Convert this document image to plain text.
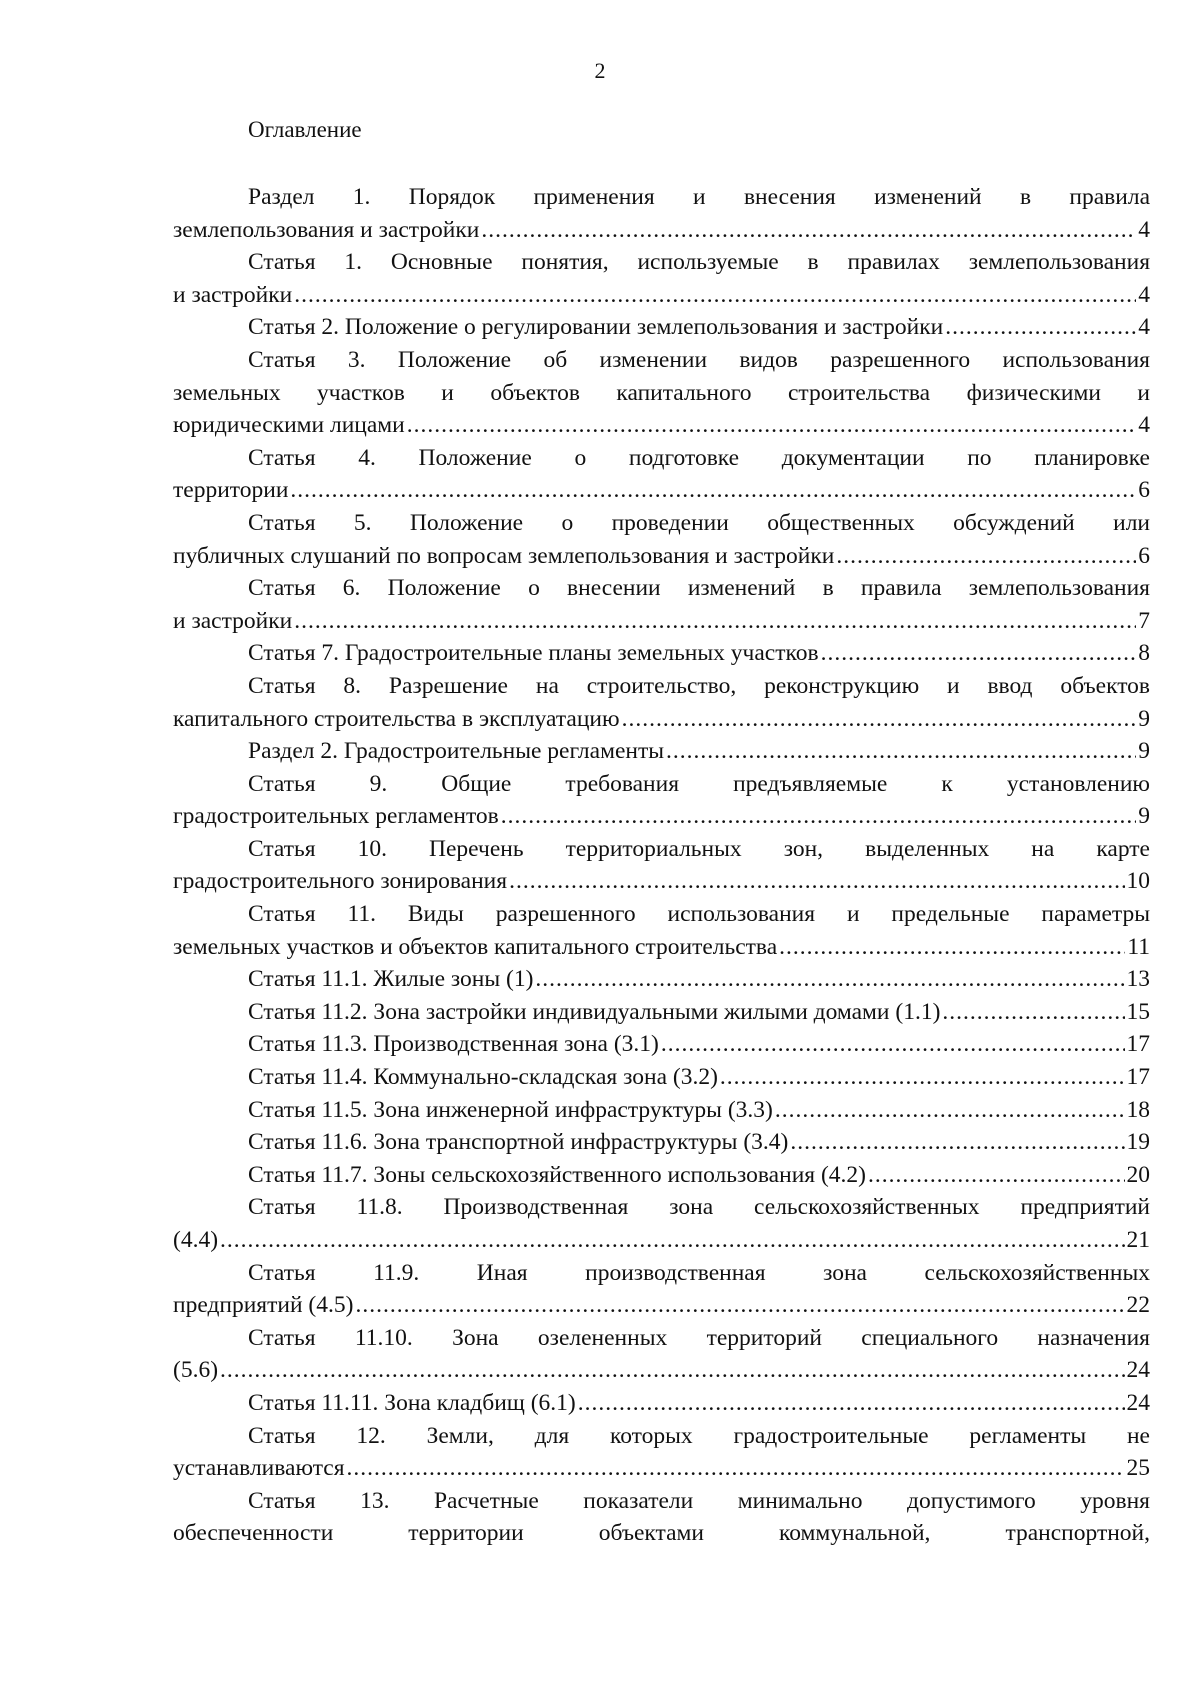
2
Оглавление
Раздел 1. Порядок применения и внесения изменений в правила
землепользования и застройки .....	4
Статья 1. Основные понятия, используемые в правилах землепользования
и застройки .....	4
Статья 2. Положение о регулировании землепользования и застройки .....	4
Статья 3. Положение об изменении видов разрешенного использования
земельных участков и объектов капитального строительства физическими и
юридическими лицами .....	4
Статья 4. Положение о подготовке документации по планировке
территории .....	6
Статья 5. Положение о проведении общественных обсуждений или
публичных слушаний по вопросам землепользования и застройки .....	6
Статья 6. Положение о внесении изменений в правила землепользования
и застройки .....	7
Статья 7. Градостроительные планы земельных участков .....	8
Статья 8. Разрешение на строительство, реконструкцию и ввод объектов
капитального строительства в эксплуатацию .....	9
Раздел 2. Градостроительные регламенты .....	9
Статья 9. Общие требования предъявляемые к установлению
градостроительных регламентов .....	9
Статья 10. Перечень территориальных зон, выделенных на карте
градостроительного зонирования .....	10
Статья 11. Виды разрешенного использования и предельные параметры
земельных участков и объектов капитального строительства .....	11
Статья 11.1. Жилые зоны (1) .....	13
Статья 11.2. Зона застройки индивидуальными жилыми домами (1.1) .....	15
Статья 11.3. Производственная зона (3.1) .....	17
Статья 11.4. Коммунально-складская зона (3.2) .....	17
Статья 11.5. Зона инженерной инфраструктуры (3.3) .....	18
Статья 11.6. Зона транспортной инфраструктуры (3.4) .....	19
Статья 11.7. Зоны сельскохозяйственного использования (4.2) .....	20
Статья 11.8. Производственная зона сельскохозяйственных предприятий
(4.4) .....	21
Статья 11.9. Иная производственная зона сельскохозяйственных
предприятий (4.5) .....	22
Статья 11.10. Зона озелененных территорий специального назначения
(5.6) .....	24
Статья 11.11. Зона кладбищ (6.1) .....	24
Статья 12. Земли, для которых градостроительные регламенты не
устанавливаются .....	25
Статья 13. Расчетные показатели минимально допустимого уровня
обеспеченности территории объектами коммунальной, транспортной,
